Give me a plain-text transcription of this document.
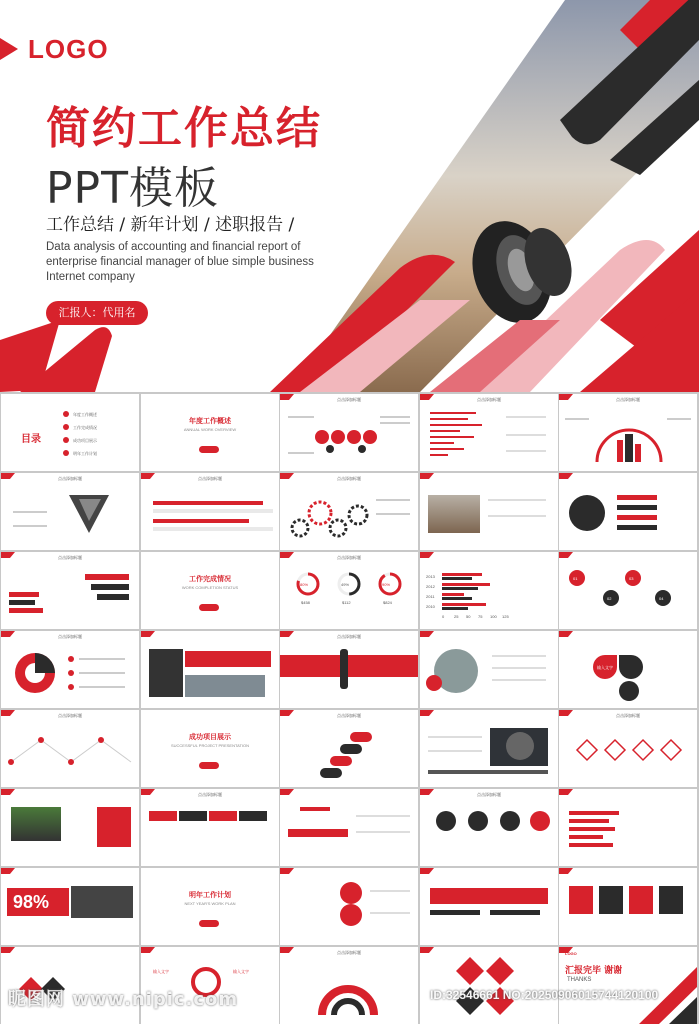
LOGO
简约工作总结
PPT模板
工作总结 / 新年计划 / 述职报告 /
Data analysis of accounting and financial report of enterprise financial manager of blue simple business Internet company
汇报人：代用名
目录
年度工作概述
工作完成情况
成功项目展示
明年工作计划
年度工作概述
ANNUAL WORK OVERVIEW
点击添加标题	点击添加标题	点击添加标题
点击添加标题	点击添加标题	点击添加标题
点击添加标题
工作完成情况
WORK COMPLETION STATUS
点击添加标题
80%	49%	90%
$458	$112	$824
2013
2012
2011
2010
0 25 50 75 100 125
01
02
03
04
点击添加标题	点击添加标题
输入文字
点击添加标题
成功项目展示
SUCCESSFUL PROJECT PRESENTATION
点击添加标题	点击添加标题
点击添加标题	点击添加标题
98%	明年工作计划
NEXT YEAR'S WORK PLAN
输入文字	输入文字
点击添加标题	LOGO
汇报完毕 谢谢
THANKS
昵图网 www.nipic.com	ID:32546661 NO:20250906015744120100
